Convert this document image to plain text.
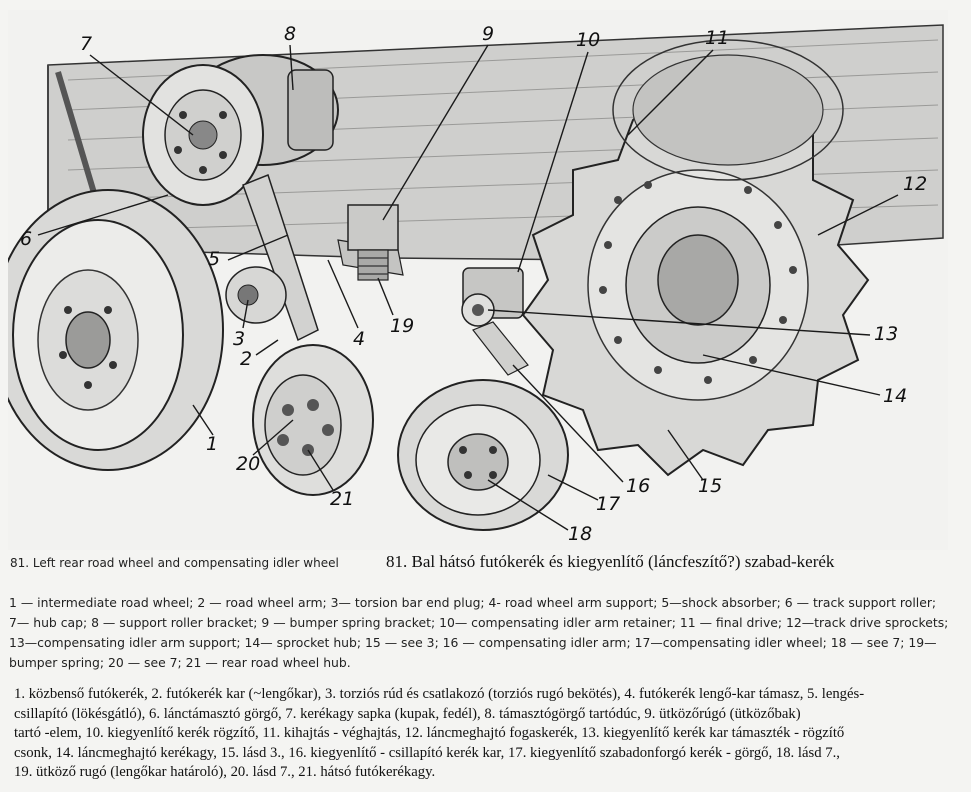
7	8	9	10	11
12
6
5
3	4
19	13
2
14
1
20
21
16	15
17
18
81. Left rear road wheel and compensating idler wheel	81. Bal hátsó futókerék és kiegyenlítő (láncfeszítő?) szabad-kerék
1 — intermediate road wheel; 2 — road wheel arm; 3— torsion bar end plug; 4- road wheel arm support; 5—shock absorber; 6 — track support roller;
7— hub cap; 8 — support roller bracket; 9 — bumper spring bracket; 10— compensating idler arm retainer; 11 — final drive; 12—track drive sprockets;
13—compensating idler arm support; 14— sprocket hub; 15 — see 3; 16 — compensating idler arm; 17—compensating idler wheel; 18 — see 7; 19—
bumper spring; 20 — see 7; 21 — rear road wheel hub.
1. közbenső futókerék, 2. futókerék kar (~lengőkar), 3. torziós rúd és csatlakozó (torziós rugó bekötés), 4. futókerék lengő-kar támasz, 5. lengés-
csillapító (lökésgátló), 6. lánctámasztó görgő, 7. kerékagy sapka (kupak, fedél), 8. támasztógörgő tartódúc, 9. ütközőrúgó (ütközőbak)
tartó -elem, 10. kiegyenlítő kerék rögzítő, 11. kihajtás - véghajtás, 12. láncmeghajtó fogaskerék, 13. kiegyenlítő kerék kar támaszték - rögzítő
csonk, 14. láncmeghajtó kerékagy, 15. lásd 3., 16. kiegyenlítő - csillapító kerék kar, 17. kiegyenlítő szabadonforgó kerék - görgő, 18. lásd 7.,
19. ütköző rugó (lengőkar határoló), 20. lásd 7., 21. hátsó futókerékagy.
